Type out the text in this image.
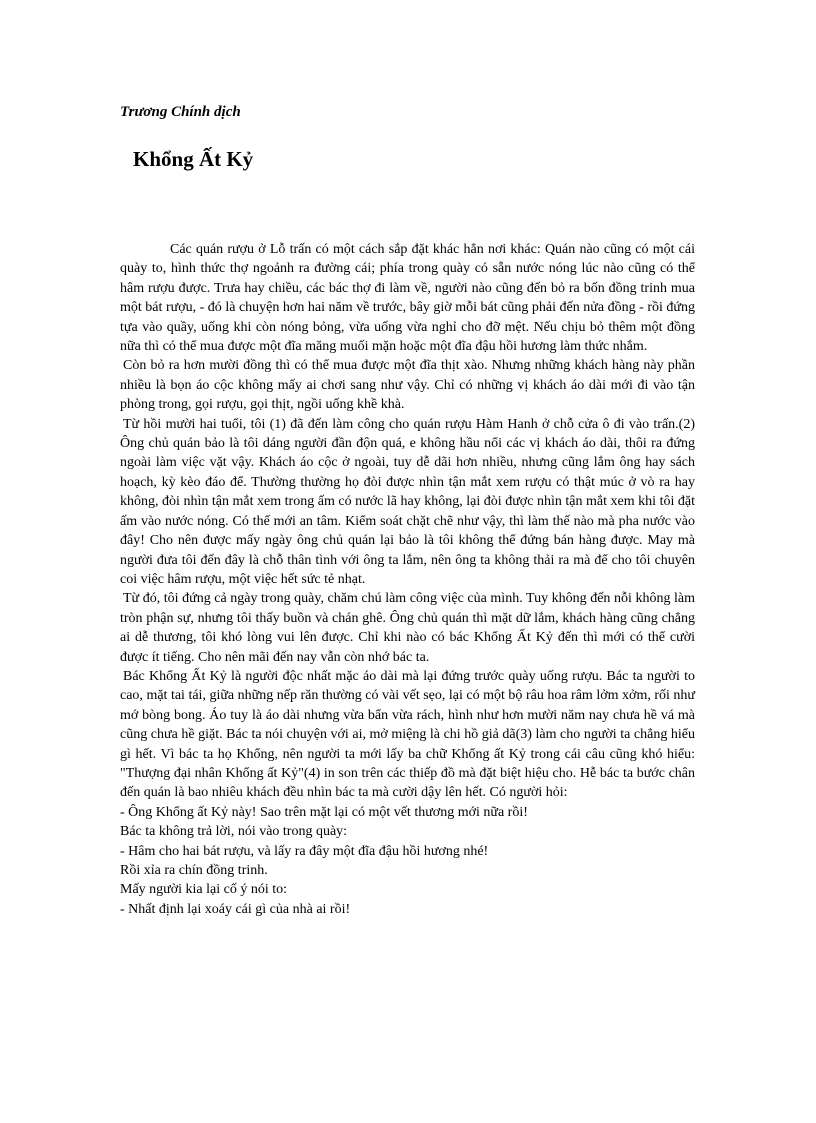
Trương Chính dịch
Khổng Ất Kỷ

Các quán rượu ở Lỗ trấn có một cách sắp đặt khác hẳn nơi khác: Quán nào cũng có một cái quày to, hình thức thợ ngoảnh ra đường cái; phía trong quày có sẵn nước nóng lúc nào cũng có thể hâm rượu được. Trưa hay chiều, các bác thợ đi làm về, người nào cũng đến bỏ ra bốn đồng trinh mua một bát rượu, - đó là chuyện hơn hai năm về trước, bây giờ mỗi bát cũng phải đến nửa đồng - rồi đứng tựa vào quầy, uống khi còn nóng bỏng, vừa uống vừa nghỉ cho đỡ mệt. Nếu chịu bỏ thêm một đồng nữa thì có thể mua được một đĩa măng muối mặn hoặc một đĩa đậu hồi hương làm thức nhắm.

Còn bỏ ra hơn mười đồng thì có thể mua được một đĩa thịt xào. Nhưng những khách hàng này phần nhiều là bọn áo cộc không mấy ai chơi sang như vậy. Chỉ có những vị khách áo dài mới đi vào tận phòng trong, gọi rượu, gọi thịt, ngồi uống khề khà.

Từ hồi mười hai tuổi, tôi (1) đã đến làm công cho quán rượu Hàm Hanh ở chỗ cửa ô đi vào trấn.(2) Ông chủ quán bảo là tôi dáng người đần độn quá, e không hầu nổi các vị khách áo dài, thôi ra đứng ngoài làm việc vặt vậy. Khách áo cộc ở ngoài, tuy dễ dãi hơn nhiều, nhưng cũng lắm ông hay sách hoạch, kỳ kèo đáo để. Thường thường họ đòi được nhìn tận mắt xem rượu có thật múc ở vò ra hay không, đòi nhìn tận mắt xem trong ấm có nước lã hay không, lại đòi được nhìn tận mắt xem khi tôi đặt ấm vào nước nóng. Có thế mới an tâm. Kiểm soát chặt chẽ như vậy, thì làm thế nào mà pha nước vào đây! Cho nên được mấy ngày ông chủ quán lại bảo là tôi không thể đứng bán hàng được. May mà người đưa tôi đến đây là chỗ thân tình với ông ta lắm, nên ông ta không thải ra mà để cho tôi chuyên coi việc hâm rượu, một việc hết sức tẻ nhạt.

Từ đó, tôi đứng cả ngày trong quày, chăm chú làm công việc của mình. Tuy không đến nỗi không làm tròn phận sự, nhưng tôi thấy buồn và chán ghê. Ông chủ quán thì mặt dữ lắm, khách hàng cũng chẳng ai dễ thương, tôi khó lòng vui lên được. Chỉ khi nào có bác Khổng Ất Kỷ đến thì mới có thể cười được ít tiếng. Cho nên mãi đến nay vẫn còn nhớ bác ta.

Bác Khổng Ất Kỷ là người độc nhất mặc áo dài mà lại đứng trước quày uống rượu. Bác ta người to cao, mặt tai tái, giữa những nếp răn thường có vài vết sẹo, lại có một bộ râu hoa râm lởm xởm, rối như mớ bòng bong. Áo tuy là áo dài nhưng vừa bẩn vừa rách, hình như hơn mười năm nay chưa hề vá mà cũng chưa hề giặt. Bác ta nói chuyện với ai, mở miệng là chi hồ giả dã(3) làm cho người ta chẳng hiểu gì hết. Vì bác ta họ Khổng, nên người ta mới lấy ba chữ Khổng ất Kỷ trong cái câu cũng khó hiểu: "Thượng đại nhân Khổng ất Kỷ"(4) in son trên các thiếp đồ mà đặt biệt hiệu cho. Hễ bác ta bước chân đến quán là bao nhiêu khách đều nhìn bác ta mà cười dậy lên hết. Có người hỏi:

- Ông Khổng ất Kỷ này! Sao trên mặt lại có một vết thương mới nữa rồi!

Bác ta không trả lời, nói vào trong quày:

- Hâm cho hai bát rượu, và lấy ra đây một đĩa đậu hồi hương nhé!

Rồi xỉa ra chín đồng trinh.

Mấy người kia lại cố ý nói to:

- Nhất định lại xoáy cái gì của nhà ai rồi!
